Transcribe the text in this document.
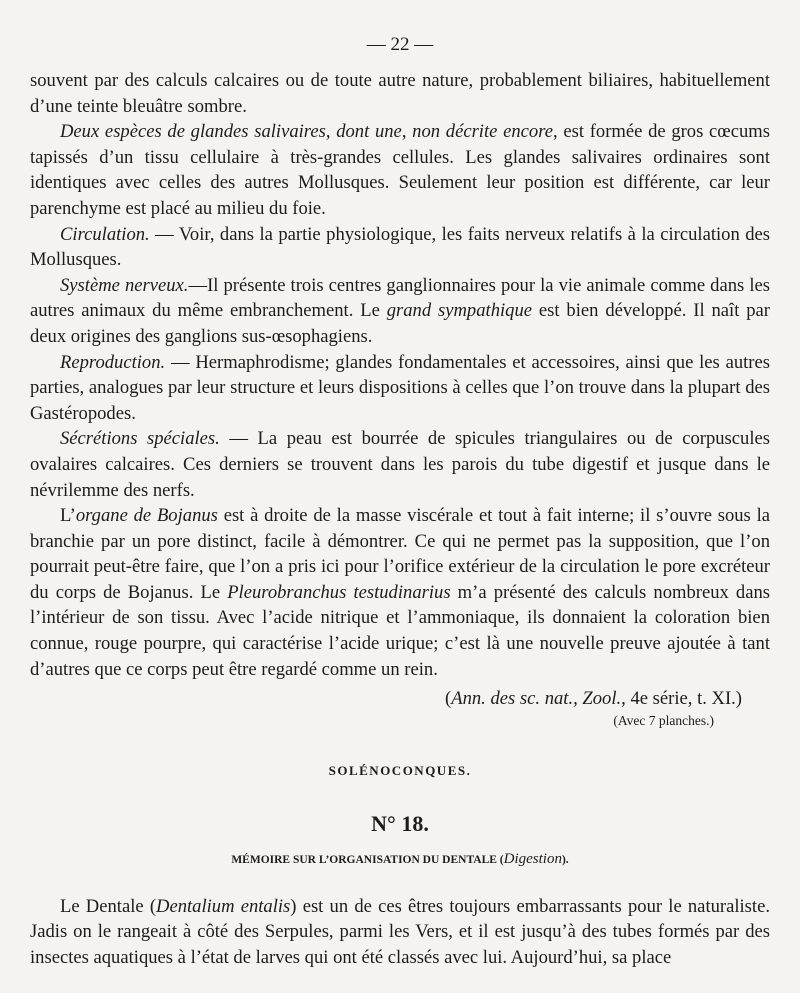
— 22 —

souvent par des calculs calcaires ou de toute autre nature, probablement biliaires, habituellement d’une teinte bleuâtre sombre.

Deux espèces de glandes salivaires, dont une, non décrite encore, est formée de gros cœcums tapissés d’un tissu cellulaire à très-grandes cellules. Les glandes salivaires ordinaires sont identiques avec celles des autres Mollusques. Seulement leur position est différente, car leur parenchyme est placé au milieu du foie.

Circulation. — Voir, dans la partie physiologique, les faits nerveux relatifs à la circulation des Mollusques.

Système nerveux.—Il présente trois centres ganglionnaires pour la vie animale comme dans les autres animaux du même embranchement. Le grand sympathique est bien développé. Il naît par deux origines des ganglions sus-œsophagiens.

Reproduction. — Hermaphrodisme; glandes fondamentales et accessoires, ainsi que les autres parties, analogues par leur structure et leurs dispositions à celles que l’on trouve dans la plupart des Gastéropodes.

Sécrétions spéciales. — La peau est bourrée de spicules triangulaires ou de corpuscules ovalaires calcaires. Ces derniers se trouvent dans les parois du tube digestif et jusque dans le névrilemme des nerfs.

L’organe de Bojanus est à droite de la masse viscérale et tout à fait interne; il s’ouvre sous la branchie par un pore distinct, facile à démontrer. Ce qui ne permet pas la supposition, que l’on pourrait peut-être faire, que l’on a pris ici pour l’orifice extérieur de la circulation le pore excréteur du corps de Bojanus. Le Pleurobranchus testudinarius m’a présenté des calculs nombreux dans l’intérieur de son tissu. Avec l’acide nitrique et l’ammoniaque, ils donnaient la coloration bien connue, rouge pourpre, qui caractérise l’acide urique; c’est là une nouvelle preuve ajoutée à tant d’autres que ce corps peut être regardé comme un rein.

(Ann. des sc. nat., Zool., 4e série, t. XI.)

(Avec 7 planches.)

SOLÉNOCONQUES.

N° 18.

MÉMOIRE SUR L’ORGANISATION DU DENTALE (Digestion).

Le Dentale (Dentalium entalis) est un de ces êtres toujours embarrassants pour le naturaliste. Jadis on le rangeait à côté des Serpules, parmi les Vers, et il est jusqu’à des tubes formés par des insectes aquatiques à l’état de larves qui ont été classés avec lui. Aujourd’hui, sa place
